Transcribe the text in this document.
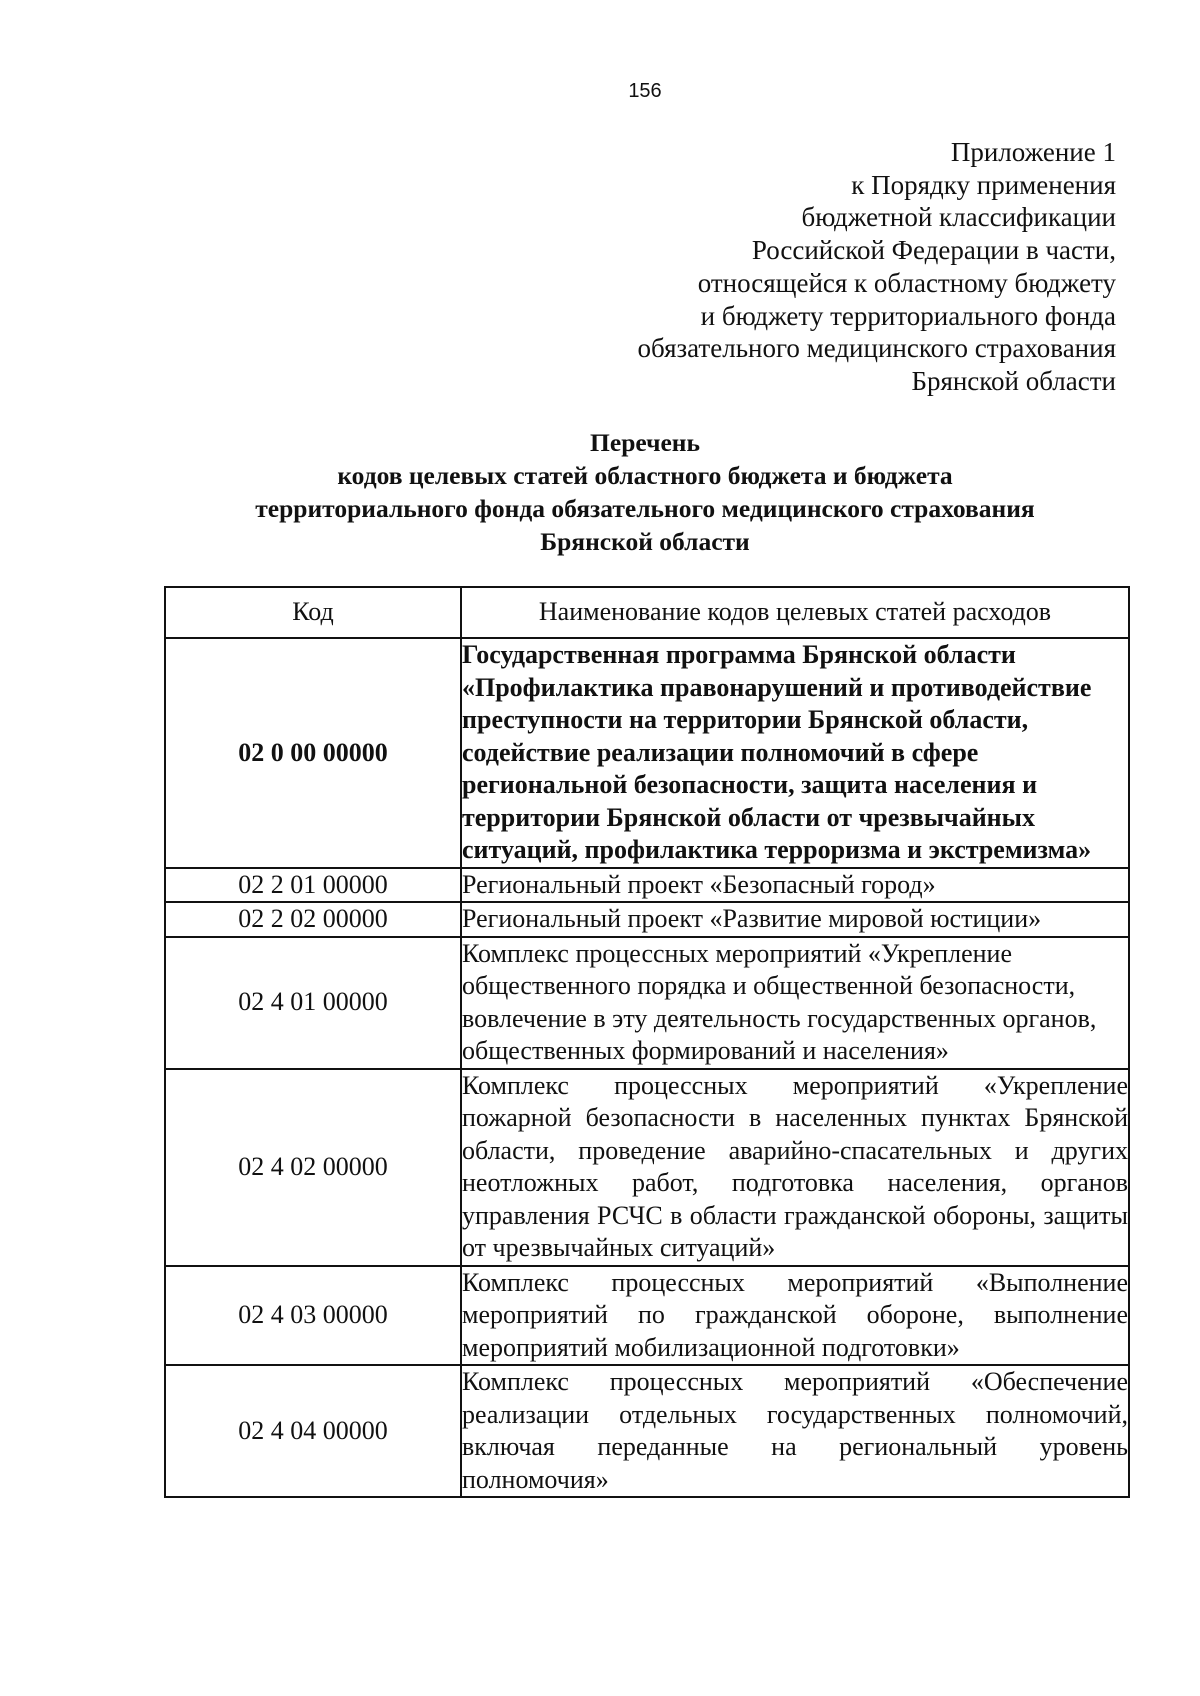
156
Приложение 1
к Порядку применения
бюджетной классификации
Российской Федерации в части,
относящейся к областному бюджету
и бюджету территориального фонда
обязательного медицинского страхования
Брянской области
Перечень
кодов целевых статей областного бюджета и бюджета
территориального фонда обязательного медицинского страхования
Брянской области
Код	Наименование кодов целевых статей расходов
02 0 00 00000	Государственная программа Брянской области «Профилактика правонарушений и противодействие преступности на территории Брянской области, содействие реализации полномочий в сфере региональной безопасности, защита населения и территории Брянской области от чрезвычайных ситуаций, профилактика терроризма и экстремизма»
02 2 01 00000	Региональный проект «Безопасный город»
02 2 02 00000	Региональный проект «Развитие мировой юстиции»
02 4 01 00000	Комплекс процессных мероприятий «Укрепление общественного порядка и общественной безопасности, вовлечение в эту деятельность государственных органов, общественных формирований и населения»
02 4 02 00000	Комплекс процессных мероприятий «Укрепление пожарной безопасности в населенных пунктах Брянской области, проведение аварийно-спасательных и других неотложных работ, подготовка населения, органов управления РСЧС в области гражданской обороны, защиты от чрезвычайных ситуаций»
02 4 03 00000	Комплекс процессных мероприятий «Выполнение мероприятий по гражданской обороне, выполнение мероприятий мобилизационной подготовки»
02 4 04 00000	Комплекс процессных мероприятий «Обеспечение реализации отдельных государственных полномочий, включая переданные на региональный уровень полномочия»
